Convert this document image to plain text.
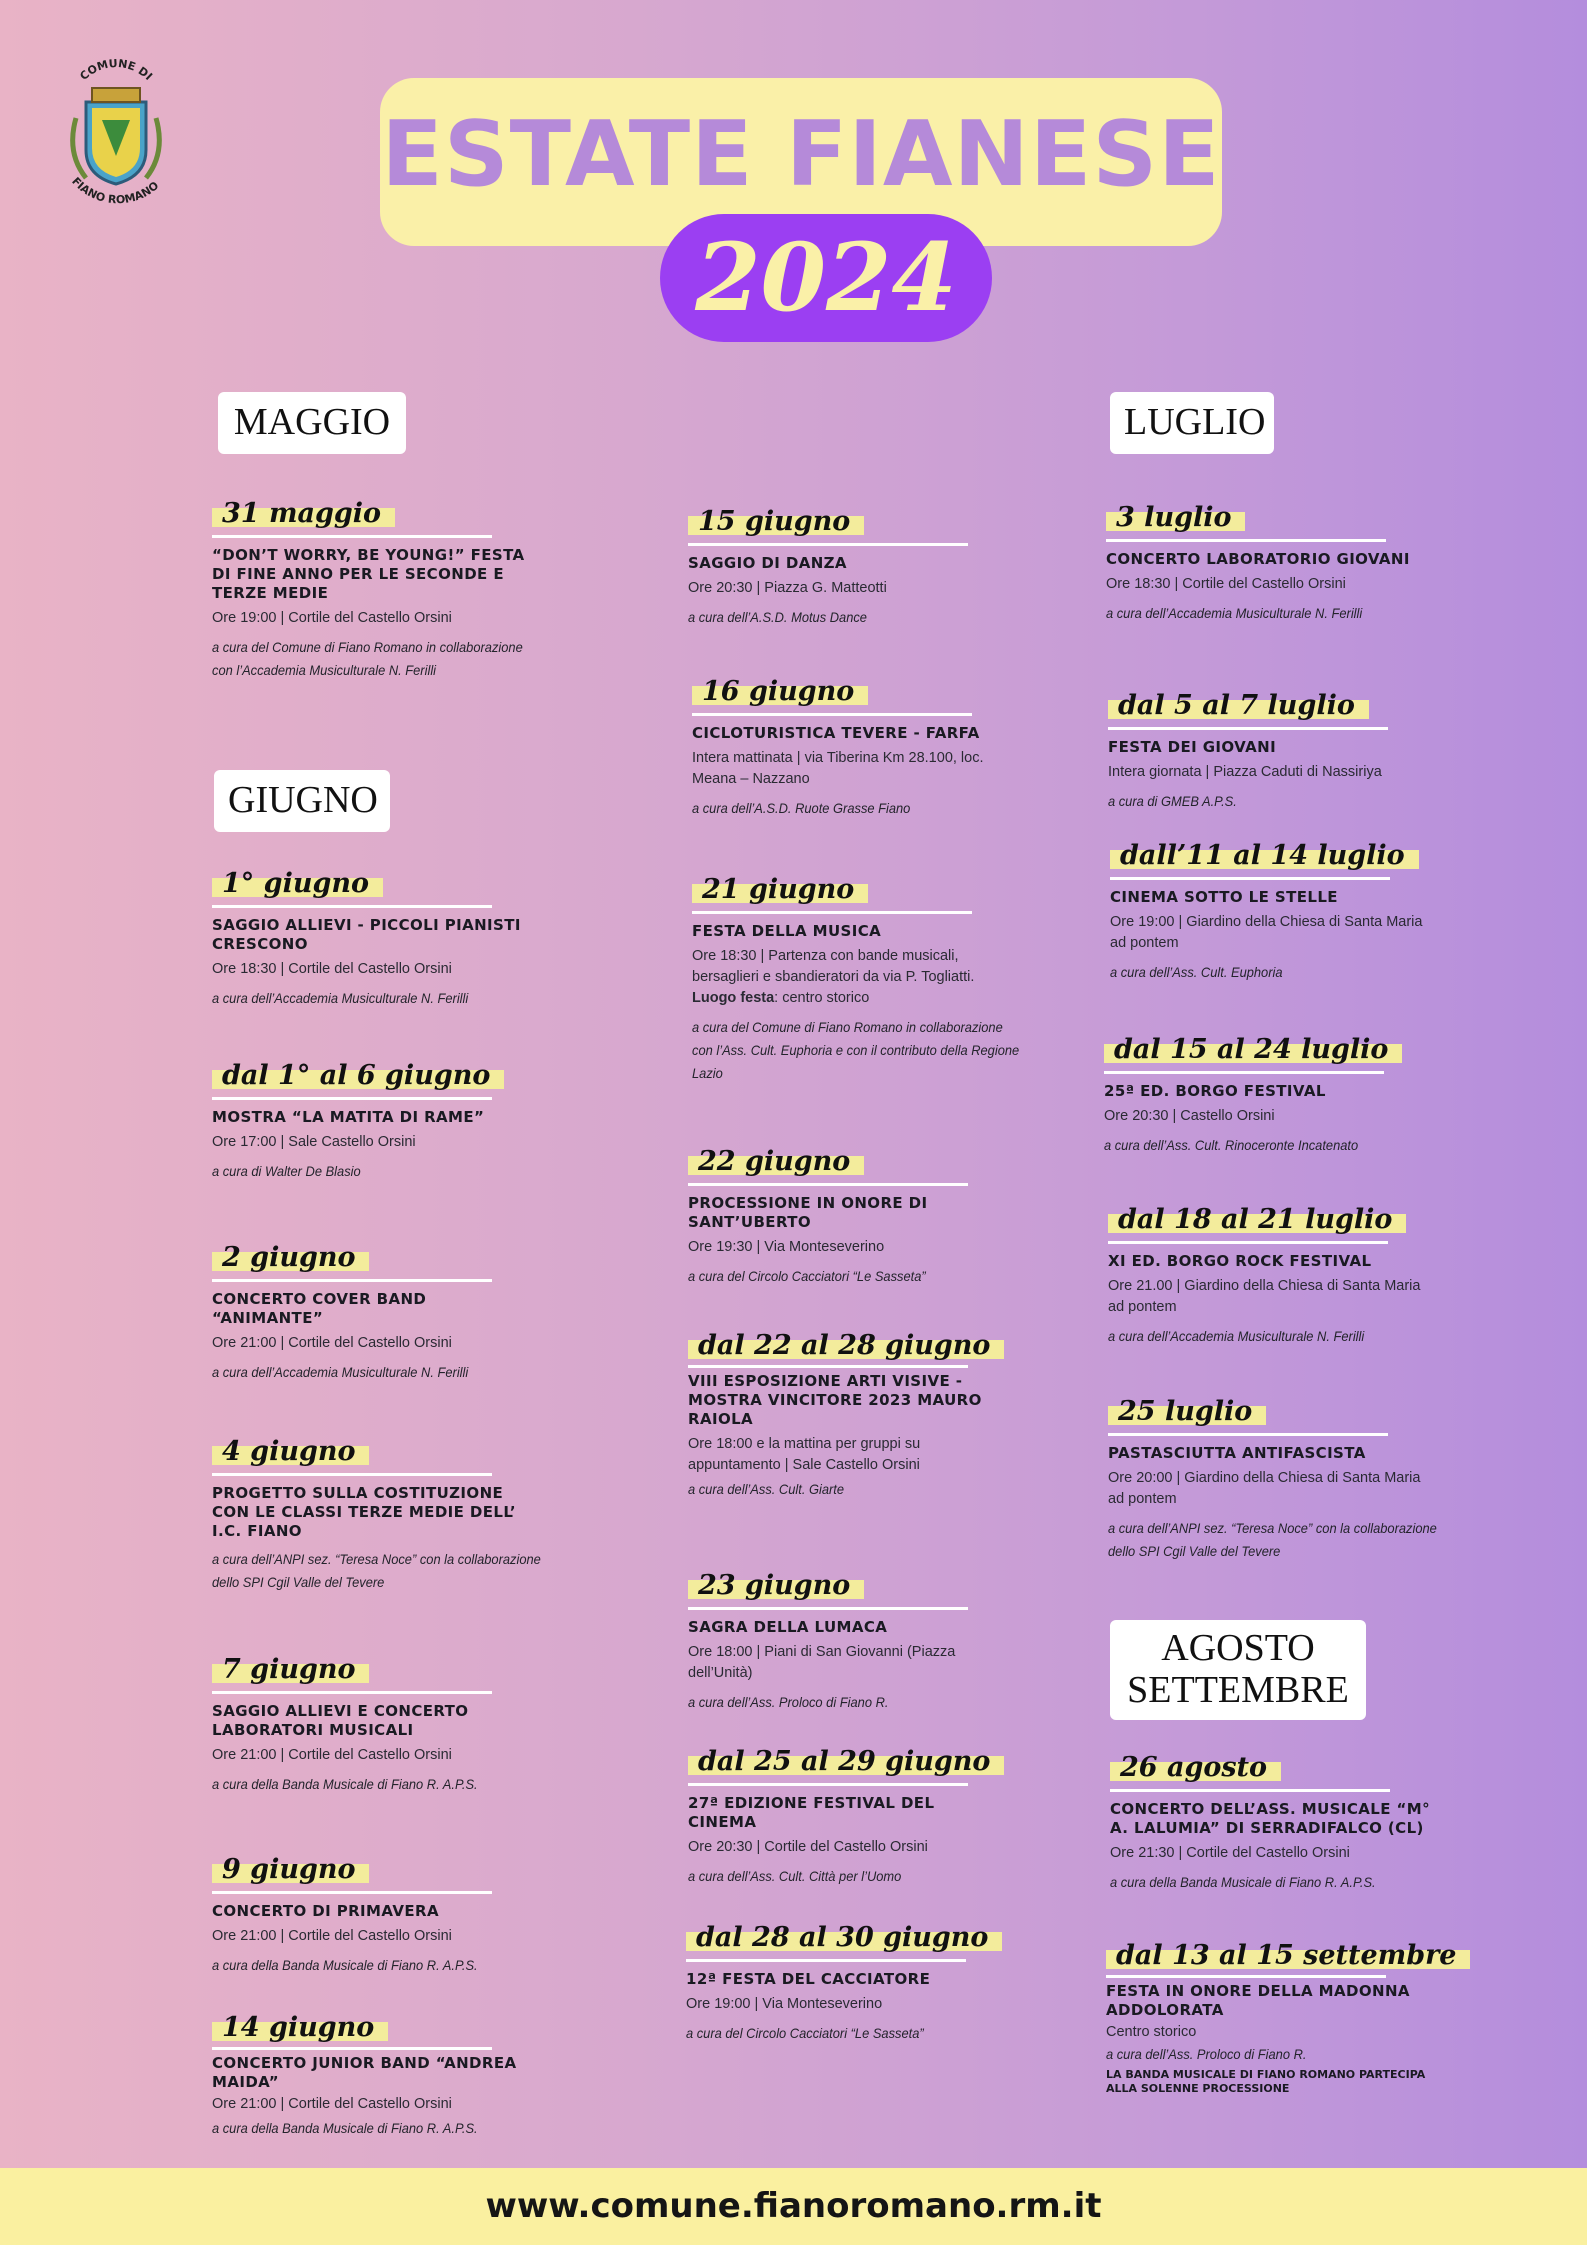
COMUNE DI
FIANO ROMANO ESTATE FIANESE
2024
MAGGIO
GIUGNO
LUGLIO
AGOSTO
SETTEMBRE
31 maggio
“DON’T WORRY, BE YOUNG!” FESTA DI FINE ANNO PER LE SECONDE E TERZE MEDIE
Ore 19:00 | Cortile del Castello Orsini
a cura del Comune di Fiano Romano in collaborazione con l’Accademia Musiculturale N. Ferilli
1° giugno
SAGGIO ALLIEVI - PICCOLI PIANISTI CRESCONO
Ore 18:30 | Cortile del Castello Orsini
a cura dell’Accademia Musiculturale N. Ferilli
dal 1° al 6 giugno
MOSTRA “LA MATITA DI RAME”
Ore 17:00 | Sale Castello Orsini
a cura di Walter De Blasio
2 giugno
CONCERTO COVER BAND “ANIMANTE”
Ore 21:00 | Cortile del Castello Orsini
a cura dell’Accademia Musiculturale N. Ferilli
4 giugno
PROGETTO SULLA COSTITUZIONE CON LE CLASSI TERZE MEDIE DELL’ I.C. FIANO
a cura dell’ANPI sez. “Teresa Noce” con la collaborazione dello SPI Cgil Valle del Tevere
7 giugno
SAGGIO ALLIEVI E CONCERTO LABORATORI MUSICALI
Ore 21:00 | Cortile del Castello Orsini
a cura della Banda Musicale di Fiano R. A.P.S.
9 giugno
CONCERTO DI PRIMAVERA
Ore 21:00 | Cortile del Castello Orsini
a cura della Banda Musicale di Fiano R. A.P.S.
14 giugno
CONCERTO JUNIOR BAND “ANDREA MAIDA”
Ore 21:00 | Cortile del Castello Orsini
a cura della Banda Musicale di Fiano R. A.P.S.
15 giugno
SAGGIO DI DANZA
Ore 20:30 | Piazza G. Matteotti
a cura dell’A.S.D. Motus Dance
16 giugno
CICLOTURISTICA TEVERE - FARFA
Intera mattinata | via Tiberina Km 28.100, loc. Meana – Nazzano
a cura dell’A.S.D. Ruote Grasse Fiano
21 giugno
FESTA DELLA MUSICA
Ore 18:30 | Partenza con bande musicali, bersaglieri e sbandieratori da via P. Togliatti.
Luogo festa: centro storico
a cura del Comune di Fiano Romano in collaborazione con l’Ass. Cult. Euphoria e con il contributo della Regione Lazio
22 giugno
PROCESSIONE IN ONORE DI SANT’UBERTO
Ore 19:30 | Via Monteseverino
a cura del Circolo Cacciatori “Le Sasseta”
dal 22 al 28 giugno
VIII ESPOSIZIONE ARTI VISIVE - MOSTRA VINCITORE 2023 MAURO RAIOLA
Ore 18:00 e la mattina per gruppi su appuntamento | Sale Castello Orsini
a cura dell’Ass. Cult. Giarte
23 giugno
SAGRA DELLA LUMACA
Ore 18:00 | Piani di San Giovanni (Piazza dell’Unità)
a cura dell’Ass. Proloco di Fiano R.
dal 25 al 29 giugno
27ª EDIZIONE FESTIVAL DEL CINEMA
Ore 20:30 | Cortile del Castello Orsini
a cura dell’Ass. Cult. Città per l’Uomo
dal 28 al 30 giugno
12ª FESTA DEL CACCIATORE
Ore 19:00 | Via Monteseverino
a cura del Circolo Cacciatori “Le Sasseta”
3 luglio
CONCERTO LABORATORIO GIOVANI
Ore 18:30 | Cortile del Castello Orsini
a cura dell’Accademia Musiculturale N. Ferilli
dal 5 al 7 luglio
FESTA DEI GIOVANI
Intera giornata | Piazza Caduti di Nassiriya
a cura di GMEB A.P.S.
dall’11 al 14 luglio
CINEMA SOTTO LE STELLE
Ore 19:00 | Giardino della Chiesa di Santa Maria ad pontem
a cura dell’Ass. Cult. Euphoria
dal 15 al 24 luglio
25ª ED. BORGO FESTIVAL
Ore 20:30 | Castello Orsini
a cura dell’Ass. Cult. Rinoceronte Incatenato
dal 18 al 21 luglio
XI ED. BORGO ROCK FESTIVAL
Ore 21.00 | Giardino della Chiesa di Santa Maria ad pontem
a cura dell’Accademia Musiculturale N. Ferilli
25 luglio
PASTASCIUTTA ANTIFASCISTA
Ore 20:00 | Giardino della Chiesa di Santa Maria ad pontem
a cura dell’ANPI sez. “Teresa Noce” con la collaborazione dello SPI Cgil Valle del Tevere
26 agosto
CONCERTO DELL’ASS. MUSICALE “M° A. LALUMIA” DI SERRADIFALCO (CL)
Ore 21:30 | Cortile del Castello Orsini
a cura della Banda Musicale di Fiano R. A.P.S.
dal 13 al 15 settembre
FESTA IN ONORE DELLA MADONNA ADDOLORATA
Centro storico
a cura dell’Ass. Proloco di Fiano R.
LA BANDA MUSICALE DI FIANO ROMANO PARTECIPA ALLA SOLENNE PROCESSIONE
www.comune.fianoromano.rm.it
